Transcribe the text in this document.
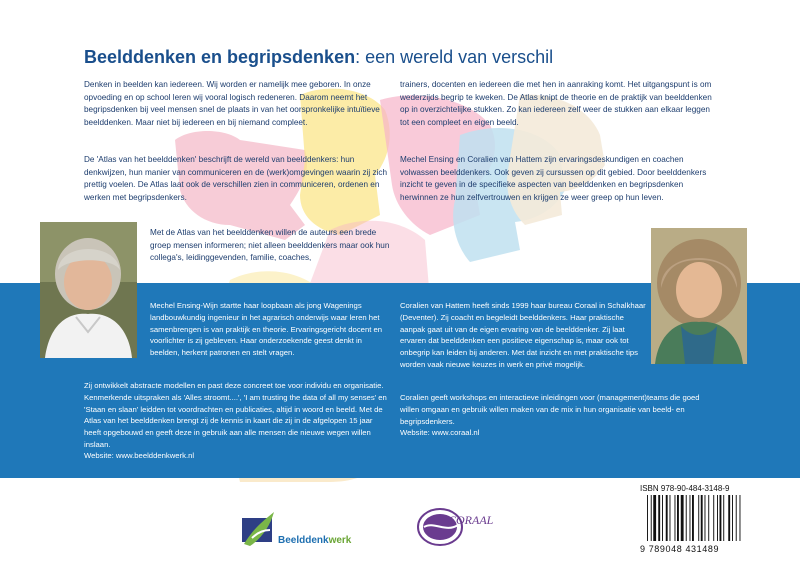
Beelddenken en begripsdenken: een wereld van verschil

Denken in beelden kan iedereen. Wij worden er namelijk mee geboren. In onze opvoeding en op school leren wij vooral logisch redeneren. Daarom neemt het begripsdenken bij veel mensen snel de plaats in van het oorspronkelijke intuïtieve beelddenken. Maar niet bij iedereen en bij niemand compleet.

De 'Atlas van het beelddenken' beschrijft de wereld van beelddenkers: hun denkwijzen, hun manier van communiceren en de (werk)omgevingen waarin zij zich prettig voelen. De Atlas laat ook de verschillen zien in communiceren, ordenen en werken met begripsdenkers.

Met de Atlas van het beelddenken willen de auteurs een brede groep mensen informeren; niet alleen beelddenkers maar ook hun collega's, leidinggevenden, familie, coaches,

trainers, docenten en iedereen die met hen in aanraking komt. Het uitgangspunt is om wederzijds begrip te kweken. De Atlas knipt de theorie en de praktijk van beelddenken op in overzichtelijke stukken. Zo kan iedereen zelf weer de stukken aan elkaar leggen tot een compleet en eigen beeld.

Mechel Ensing en Coralien van Hattem zijn ervaringsdeskundigen en coachen volwassen beelddenkers. Ook geven zij cursussen op dit gebied. Door beelddenkers inzicht te geven in de specifieke aspecten van beelddenken en begripsdenken herwinnen ze hun zelfvertrouwen en krijgen ze weer greep op hun leven.

Mechel Ensing-Wijn startte haar loopbaan als jong Wagenings landbouwkundig ingenieur in het agrarisch onderwijs waar leren het samenbrengen is van praktijk en theorie. Ervaringsgericht docent en voorlichter is zij gebleven. Haar onderzoekende geest denkt in beelden, herkent patronen en stelt vragen.

Zij ontwikkelt abstracte modellen en past deze concreet toe voor individu en organisatie. Kenmerkende uitspraken als 'Alles stroomt....', 'I am trusting the data of all my senses' en 'Staan en slaan' leidden tot voordrachten en publicaties, altijd in woord en beeld. Met de Atlas van het beelddenken brengt zij de kennis in kaart die zij in de afgelopen 15 jaar heeft opgebouwd en geeft deze in gebruik aan alle mensen die nieuwe wegen willen inslaan.

Website: www.beelddenkwerk.nl

Coralien van Hattem heeft sinds 1999 haar bureau Coraal in Schalkhaar (Deventer). Zij coacht en begeleidt beelddenkers. Haar praktische aanpak gaat uit van de eigen ervaring van de beelddenker. Zij laat ervaren dat beelddenken een positieve eigenschap is, maar ook tot onbegrip kan leiden bij anderen. Met dat inzicht en met praktische tips worden vaak nieuwe keuzes in werk en privé mogelijk.

Coralien geeft workshops en interactieve inleidingen voor (management)teams die goed willen omgaan en gebruik willen maken van de mix in hun organisatie van beeld- en begripsdenkers.

Website: www.coraal.nl

Beelddenkwerk
CORAAL
ISBN 978-90-484-3148-9
9 789048 431489
